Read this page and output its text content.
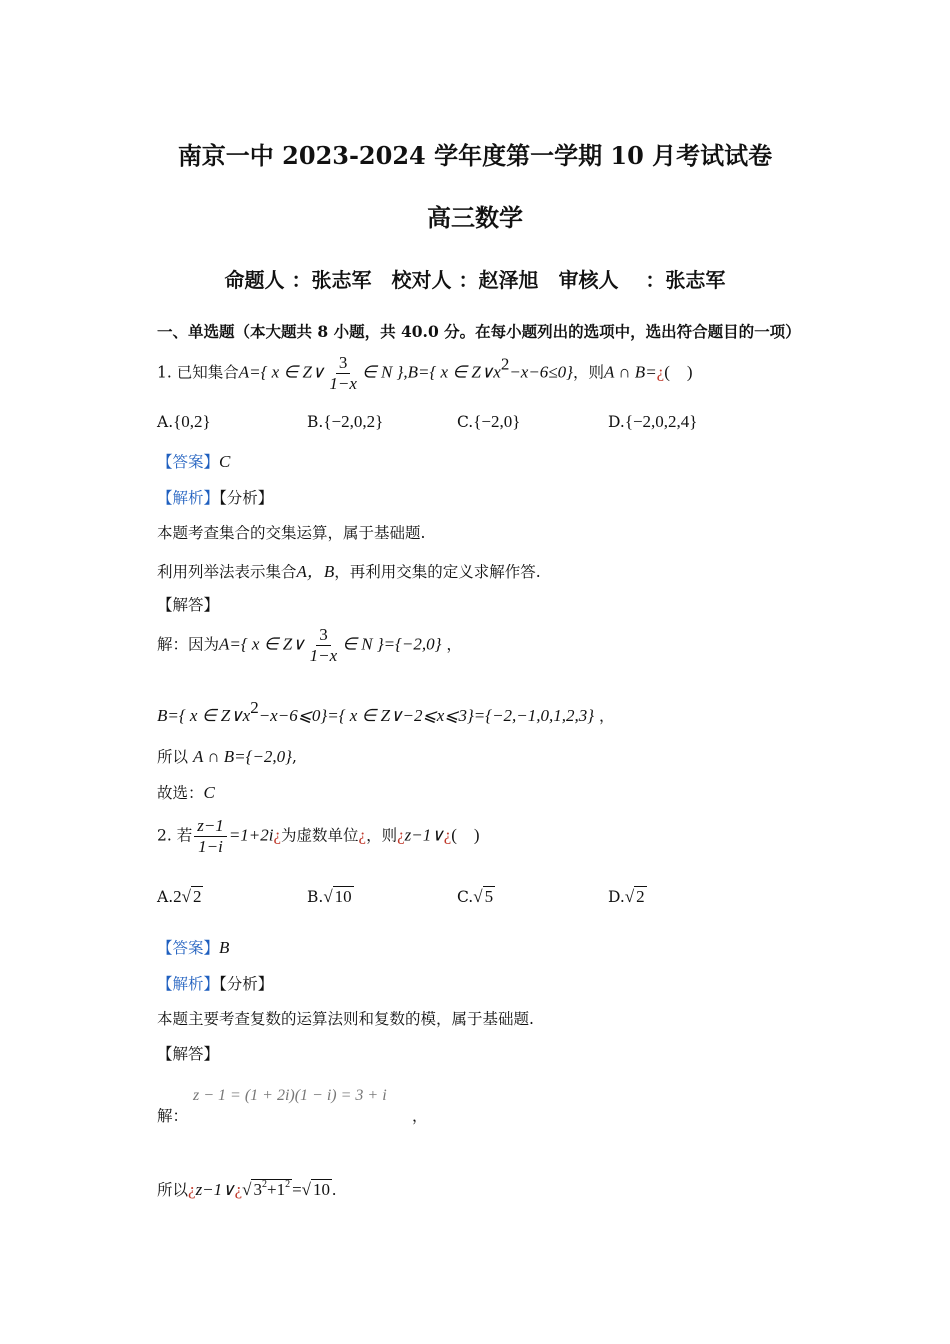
南京一中 2023-2024 学年度第一学期 10 月考试试卷
高三数学
命题人 ：张志军　校对人 ：赵泽旭　审核人 　：张志军
一、单选题（本大题共 8 小题，共 40.0 分。在每小题列出的选项中，选出符合题目的一项）
1. 已知集合A={ x ∈ Z∨ $\frac{3}{1-x}$ ∈ N },B={ x ∈ $Z\vee x^2-x-6\le 0$}，则A ∩ B=¿(　)
A.{0,2}	B.{−2,0,2}	C.{−2,0}	D.{−2,0,2,4}
【答案】C
【解析】【分析】
本题考查集合的交集运算，属于基础题.
利用列举法表示集合A，B，再利用交集的定义求解作答.
【解答】
解：因为A={ x ∈ Z∨ $\frac{3}{1-x}$ ∈ N }={−2,0} ，
B={ x ∈ $Z\vee x^2-x-6⩽0\}=${ x ∈ Z∨−2⩽x⩽3}={−2,−1,0,1,2,3} ，
所以 A ∩ B={−2,0},
故选：C
2. 若 $\frac{z-1}{1-i}$ =1+2i¿为虚数单位¿，则¿z−1∨¿(　)
A.2√ 2	B.√ 10	C.√ 5	D.√ 2
【答案】B
【解析】【分析】
本题主要考查复数的运算法则和复数的模，属于基础题.
【解答】
解：
z − 1 = (1 + 2i)(1 − i) = 3 + i
，
所以¿z−1∨¿√ $3^2+1^2$ =√ 10 .
